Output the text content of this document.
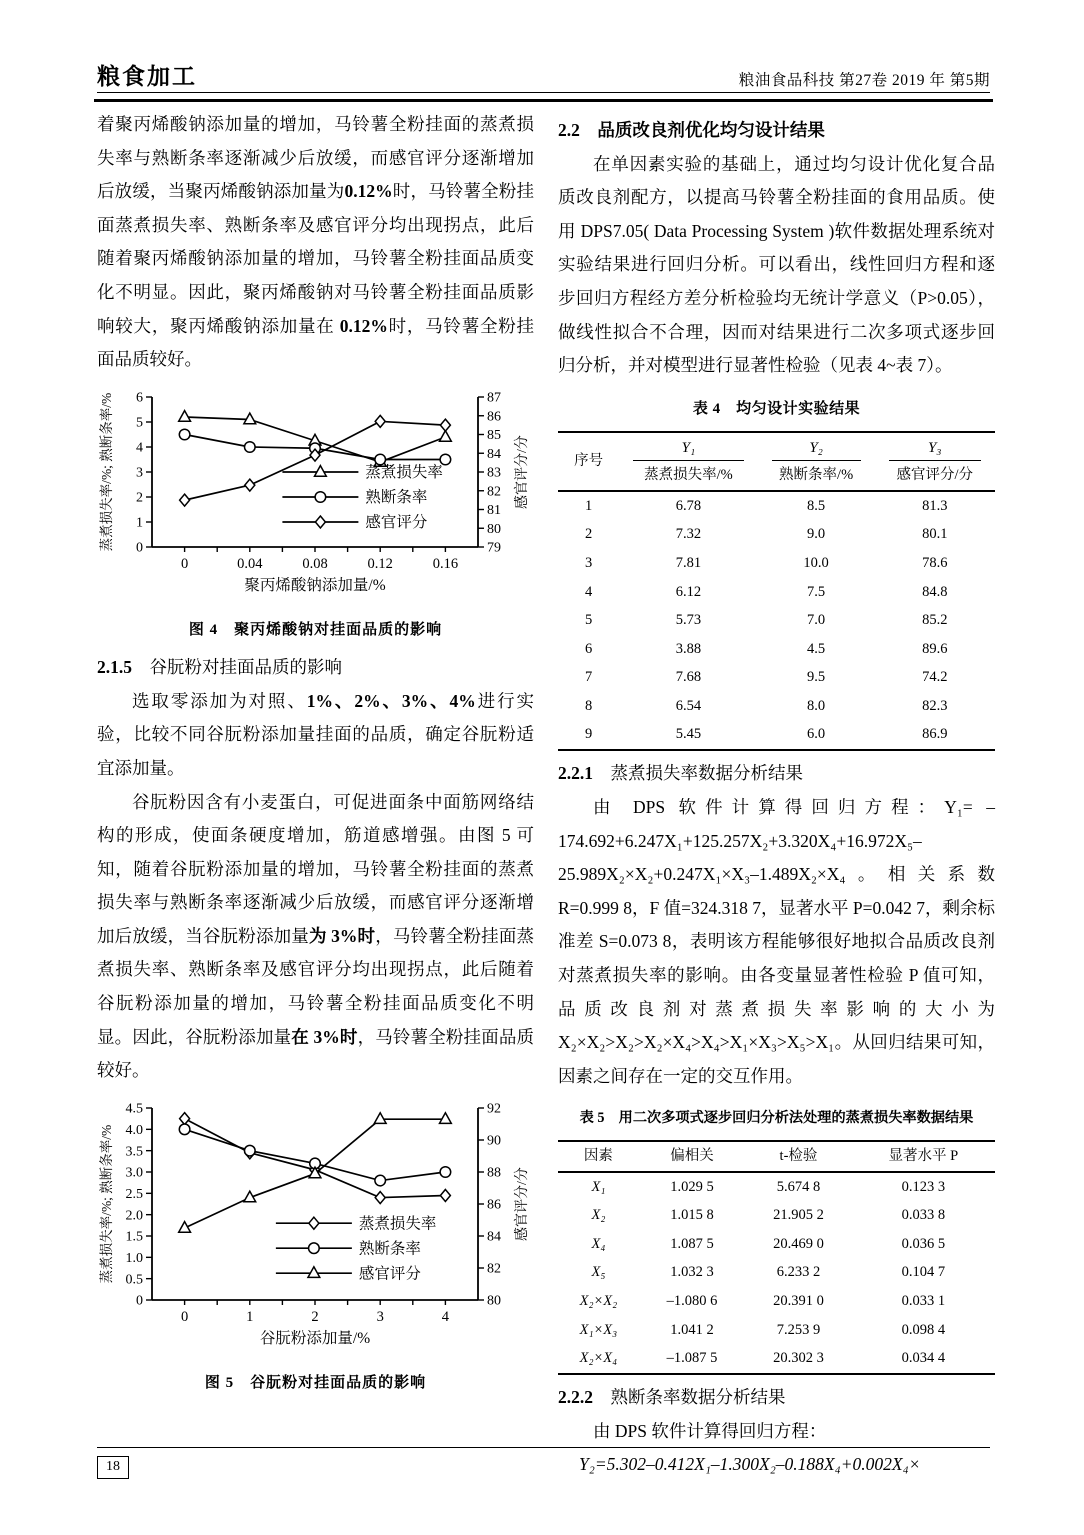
粮食加工	粮油食品科技 第27卷 2019 年 第5期

着聚丙烯酸钠添加量的增加，马铃薯全粉挂面的蒸煮损失率与熟断条率逐渐减少后放缓，而感官评分逐渐增加后放缓，当聚丙烯酸钠添加量为0.12%时，马铃薯全粉挂面蒸煮损失率、熟断条率及感官评分均出现拐点，此后随着聚丙烯酸钠添加量的增加，马铃薯全粉挂面品质变化不明显。因此，聚丙烯酸钠对马铃薯全粉挂面品质影响较大，聚丙烯酸钠添加量在 0.12%时，马铃薯全粉挂面品质较好。

0
1
2
3
4
5
6
79
80
81
82
83
84
85
86
87
0	0.04	0.08	0.12	0.16
聚丙烯酸钠添加量/%
蒸煮损失率/%; 熟断条率/%	感官评分/分
蒸煮损失率
熟断条率
感官评分
图 4　聚丙烯酸钠对挂面品质的影响

2.1.5 谷朊粉对挂面品质的影响

选取零添加为对照、1%、2%、3%、4%进行实验，比较不同谷朊粉添加量挂面的品质，确定谷朊粉适宜添加量。

谷朊粉因含有小麦蛋白，可促进面条中面筋网络结构的形成，使面条硬度增加，筋道感增强。由图 5 可知，随着谷朊粉添加量的增加，马铃薯全粉挂面的蒸煮损失率与熟断条率逐渐减少后放缓，而感官评分逐渐增加后放缓，当谷朊粉添加量为 3%时，马铃薯全粉挂面蒸煮损失率、熟断条率及感官评分均出现拐点，此后随着谷朊粉添加量的增加，马铃薯全粉挂面品质变化不明显。因此，谷朊粉添加量在 3%时，马铃薯全粉挂面品质较好。

0
0.5
1.0
1.5
2.0
2.5
3.0
3.5
4.0
4.5
80
82
84
86
88
90
92
0	1	2	3	4
谷朊粉添加量/%
蒸煮损失率/%; 熟断条率/%	感官评分/分
蒸煮损失率
熟断条率
感官评分
图 5　谷朊粉对挂面品质的影响

2.2 品质改良剂优化均匀设计结果

在单因素实验的基础上，通过均匀设计优化复合品质改良剂配方，以提高马铃薯全粉挂面的食用品质。使用 DPS7.05( Data Processing System )软件数据处理系统对实验结果进行回归分析。可以看出，线性回归方程和逐步回归方程经方差分析检验均无统计学意义（P>0.05），做线性拟合不合理，因而对结果进行二次多项式逐步回归分析，并对模型进行显著性检验（见表 4~表 7）。

表 4　均匀设计实验结果

序号	Y₁	Y₂	Y₃

	蒸煮损失率/%	熟断条率/%	感官评分/分
1	6.78	8.5	81.3
2	7.32	9.0	80.1
3	7.81	10.0	78.6
4	6.12	7.5	84.8
5	5.73	7.0	85.2
6	3.88	4.5	89.6
7	7.68	9.5	74.2
8	6.54	8.0	82.3
9	5.45	6.0	86.9

2.2.1 蒸煮损失率数据分析结果

由 DPS 软件计算得回归方程：Y₁= –174.692+6.247X₁+125.257X₂+3.320X₄+16.972X₅–25.989X₂×X₂+0.247X₁×X₃–1.489X₂×X₄。相关系数 R=0.999 8，F 值=324.318 7，显著水平 P=0.042 7，剩余标准差 S=0.073 8，表明该方程能够很好地拟合品质改良剂对蒸煮损失率的影响。由各变量显著性检验 P 值可知，品质改良剂对蒸煮损失率影响的大小为 X₂×X₂>X₂>X₂×X₄>X₄>X₁×X₃>X₅>X₁。从回归结果可知，因素之间存在一定的交互作用。

表 5　用二次多项式逐步回归分析法处理的蒸煮损失率数据结果

因素	偏相关	t-检验	显著水平 P
X₁	1.029 5	5.674 8	0.123 3
X₂	1.015 8	21.905 2	0.033 8
X₄	1.087 5	20.469 0	0.036 5
X₅	1.032 3	6.233 2	0.104 7
X₂×X₂	–1.080 6	20.391 0	0.033 1
X₁×X₃	1.041 2	7.253 9	0.098 4
X₂×X₄	–1.087 5	20.302 3	0.034 4

2.2.2 熟断条率数据分析结果

由 DPS 软件计算得回归方程：

Y₂=5.302–0.412X₁–1.300X₂–0.188X₄+0.002X₄×

18
